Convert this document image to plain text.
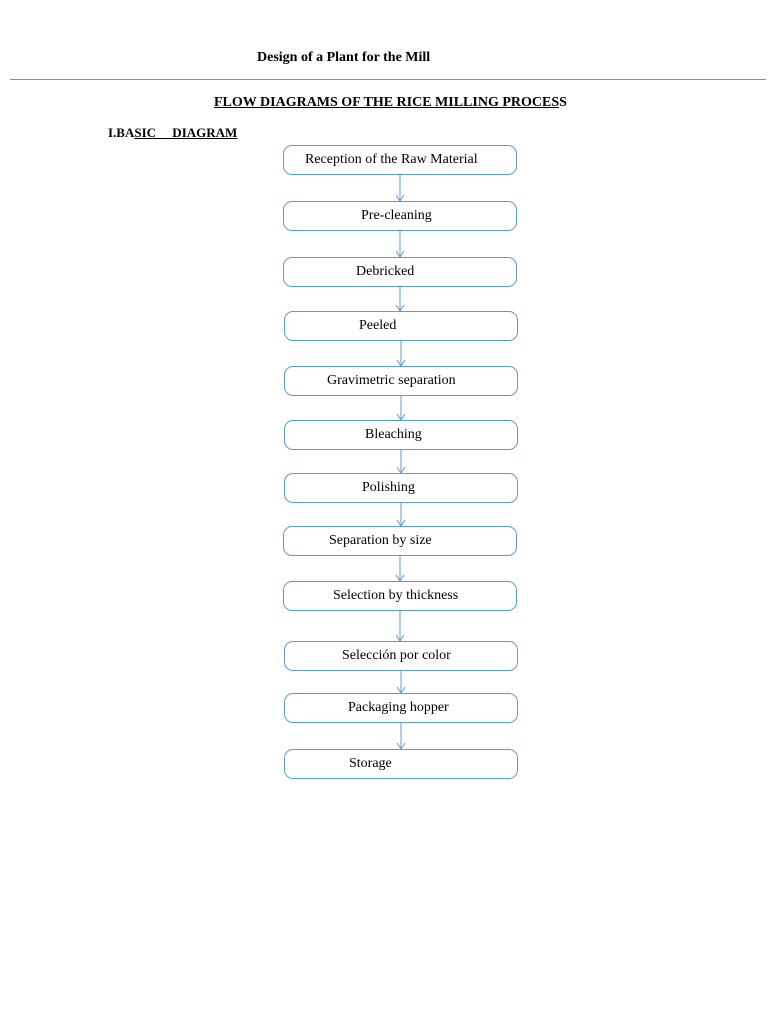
Design of a Plant for the Mill
FLOW DIAGRAMS OF THE RICE MILLING PROCESS
I.BASIC     DIAGRAM
Reception of the Raw Material
Pre-cleaning
Debricked
Peeled
Gravimetric separation
Bleaching
Polishing
Separation by size
Selection by thickness
Selección por color
Packaging hopper
Storage
